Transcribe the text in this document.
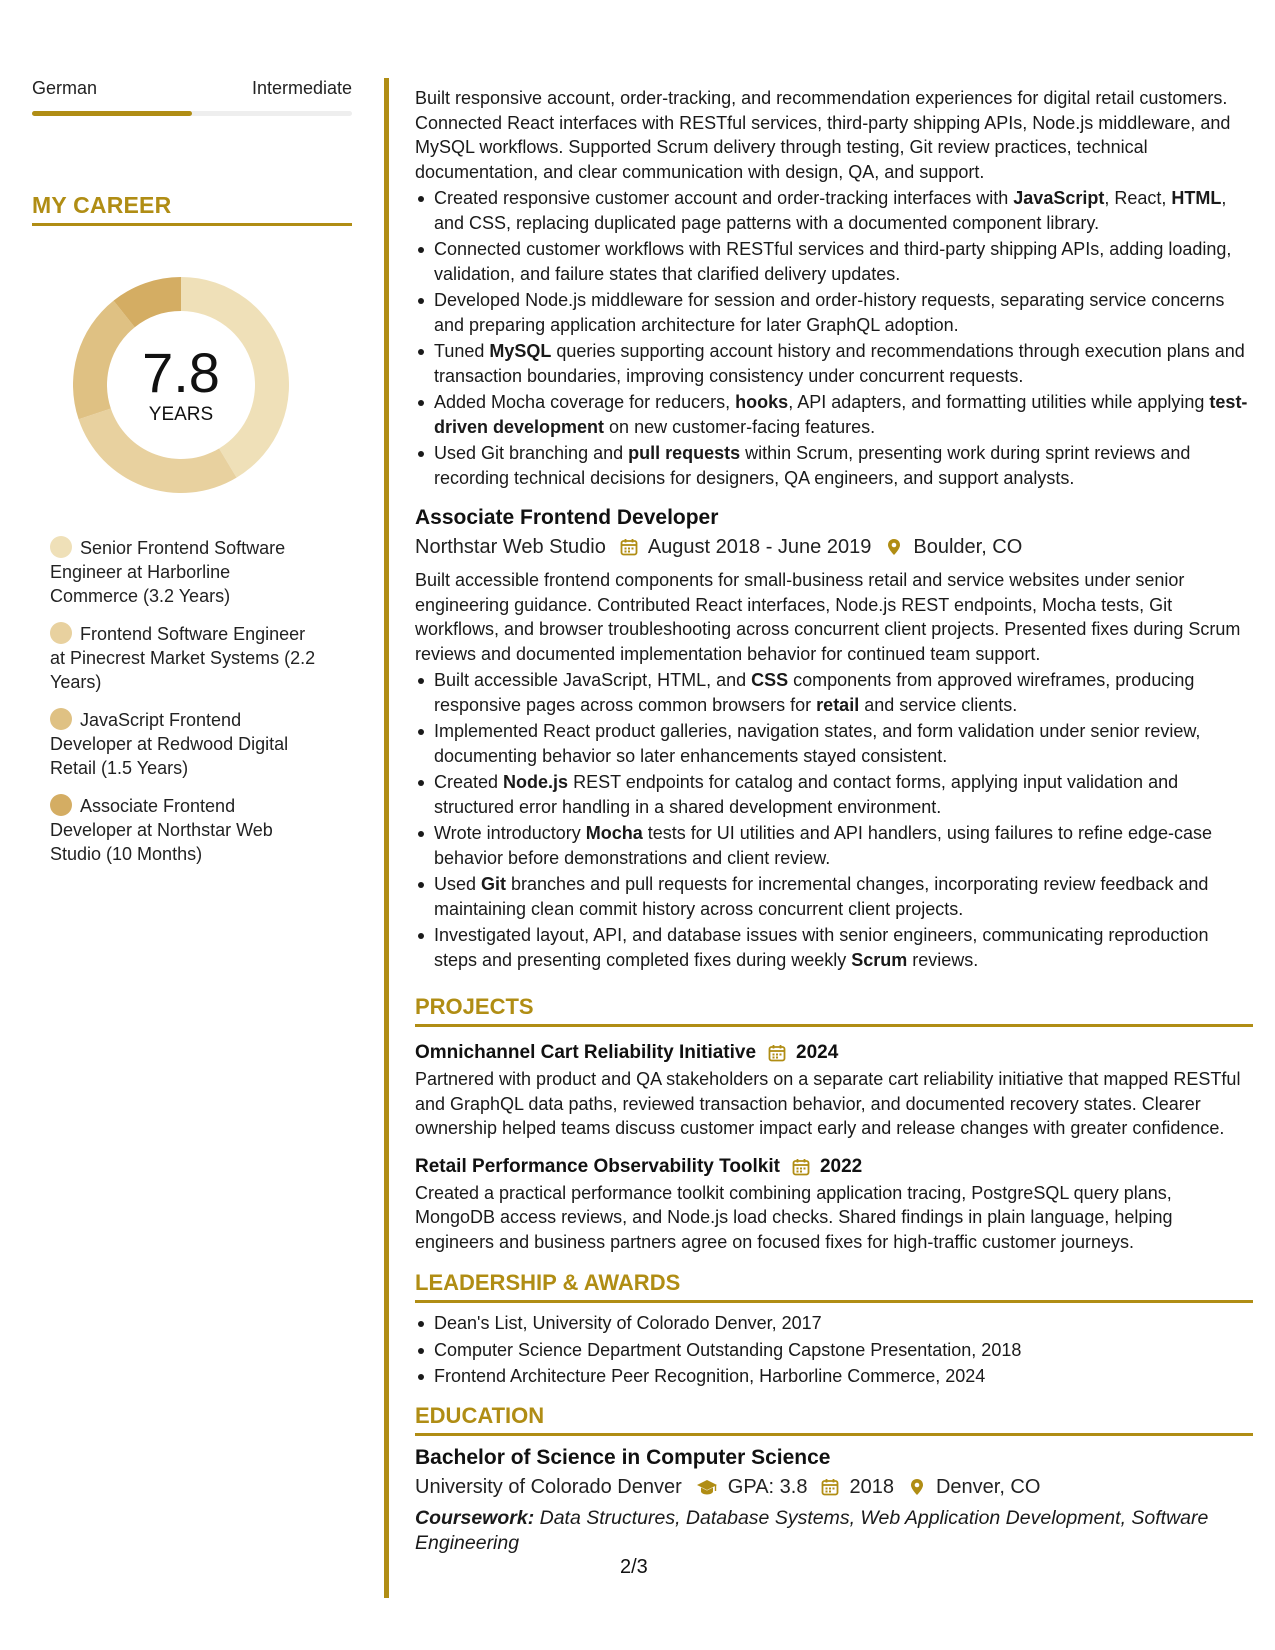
German	Intermediate
MY CAREER
7.8
YEARS
Senior Frontend Software Engineer at Harborline Commerce (3.2 Years)
Frontend Software Engineer at Pinecrest Market Systems (2.2 Years)
JavaScript Frontend Developer at Redwood Digital Retail (1.5 Years)
Associate Frontend Developer at Northstar Web Studio (10 Months)
Built responsive account, order-tracking, and recommendation experiences for digital retail customers. Connected React interfaces with RESTful services, third-party shipping APIs, Node.js middleware, and MySQL workflows. Supported Scrum delivery through testing, Git review practices, technical documentation, and clear communication with design, QA, and support.
Created responsive customer account and order-tracking interfaces with JavaScript, React, HTML, and CSS, replacing duplicated page patterns with a documented component library.
Connected customer workflows with RESTful services and third-party shipping APIs, adding loading, validation, and failure states that clarified delivery updates.
Developed Node.js middleware for session and order-history requests, separating service concerns and preparing application architecture for later GraphQL adoption.
Tuned MySQL queries supporting account history and recommendations through execution plans and transaction boundaries, improving consistency under concurrent requests.
Added Mocha coverage for reducers, hooks, API adapters, and formatting utilities while applying test-driven development on new customer-facing features.
Used Git branching and pull requests within Scrum, presenting work during sprint reviews and recording technical decisions for designers, QA engineers, and support analysts.
Associate Frontend Developer
Northstar Web Studio August 2018 - June 2019 Boulder, CO
Built accessible frontend components for small-business retail and service websites under senior engineering guidance. Contributed React interfaces, Node.js REST endpoints, Mocha tests, Git workflows, and browser troubleshooting across concurrent client projects. Presented fixes during Scrum reviews and documented implementation behavior for continued team support.
Built accessible JavaScript, HTML, and CSS components from approved wireframes, producing responsive pages across common browsers for retail and service clients.
Implemented React product galleries, navigation states, and form validation under senior review, documenting behavior so later enhancements stayed consistent.
Created Node.js REST endpoints for catalog and contact forms, applying input validation and structured error handling in a shared development environment.
Wrote introductory Mocha tests for UI utilities and API handlers, using failures to refine edge-case behavior before demonstrations and client review.
Used Git branches and pull requests for incremental changes, incorporating review feedback and maintaining clean commit history across concurrent client projects.
Investigated layout, API, and database issues with senior engineers, communicating reproduction steps and presenting completed fixes during weekly Scrum reviews.
PROJECTS
Omnichannel Cart Reliability Initiative 2024
Partnered with product and QA stakeholders on a separate cart reliability initiative that mapped RESTful and GraphQL data paths, reviewed transaction behavior, and documented recovery states. Clearer ownership helped teams discuss customer impact early and release changes with greater confidence.
Retail Performance Observability Toolkit 2022
Created a practical performance toolkit combining application tracing, PostgreSQL query plans, MongoDB access reviews, and Node.js load checks. Shared findings in plain language, helping engineers and business partners agree on focused fixes for high-traffic customer journeys.
LEADERSHIP & AWARDS
Dean's List, University of Colorado Denver, 2017
Computer Science Department Outstanding Capstone Presentation, 2018
Frontend Architecture Peer Recognition, Harborline Commerce, 2024
EDUCATION
Bachelor of Science in Computer Science
University of Colorado Denver GPA: 3.8 2018 Denver, CO
Coursework: Data Structures, Database Systems, Web Application Development, Software Engineering
2/3
